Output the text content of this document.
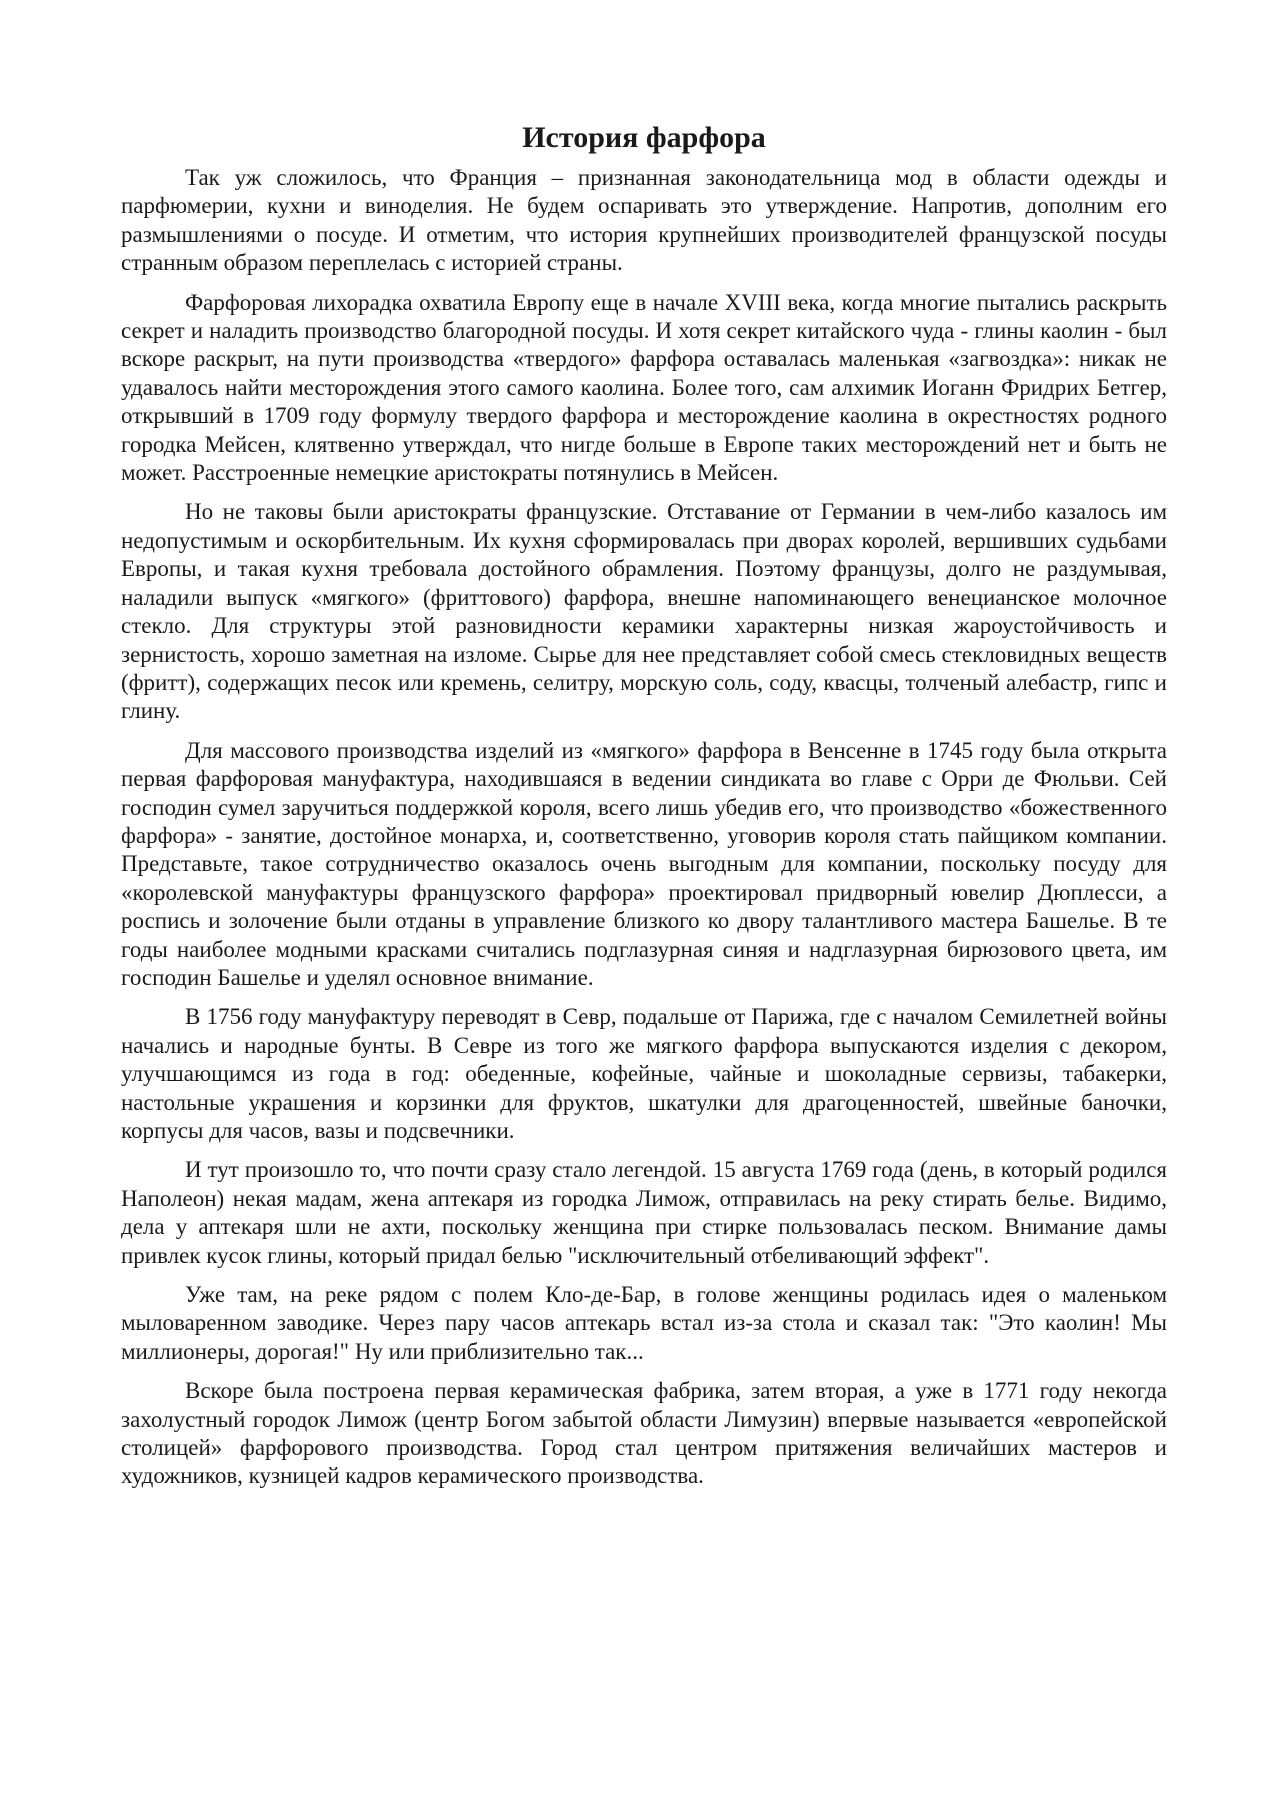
История фарфора

Так уж сложилось, что Франция – признанная законодательница мод в области одежды и парфюмерии, кухни и виноделия. Не будем оспаривать это утверждение. Напротив, дополним его размышлениями о посуде. И отметим, что история крупнейших производителей французской посуды странным образом переплелась с историей страны.

Фарфоровая лихорадка охватила Европу еще в начале XVIII века, когда многие пытались раскрыть секрет и наладить производство благородной посуды. И хотя секрет китайского чуда - глины каолин - был вскоре раскрыт, на пути производства «твердого» фарфора оставалась маленькая «загвоздка»: никак не удавалось найти месторождения этого самого каолина. Более того, сам алхимик Иоганн Фридрих Бетгер, открывший в 1709 году формулу твердого фарфора и месторождение каолина в окрестностях родного городка Мейсен, клятвенно утверждал, что нигде больше в Европе таких месторождений нет и быть не может. Расстроенные немецкие аристократы потянулись в Мейсен.

Но не таковы были аристократы французские. Отставание от Германии в чем-либо казалось им недопустимым и оскорбительным. Их кухня сформировалась при дворах королей, вершивших судьбами Европы, и такая кухня требовала достойного обрамления. Поэтому французы, долго не раздумывая, наладили выпуск «мягкого» (фриттового) фарфора, внешне напоминающего венецианское молочное стекло. Для структуры этой разновидности керамики характерны низкая жароустойчивость и зернистость, хорошо заметная на изломе. Сырье для нее представляет собой смесь стекловидных веществ (фритт), содержащих песок или кремень, селитру, морскую соль, соду, квасцы, толченый алебастр, гипс и глину.

Для массового производства изделий из «мягкого» фарфора в Венсенне в 1745 году была открыта первая фарфоровая мануфактура, находившаяся в ведении синдиката во главе с Орри де Фюльви. Сей господин сумел заручиться поддержкой короля, всего лишь убедив его, что производство «божественного фарфора» - занятие, достойное монарха, и, соответственно, уговорив короля стать пайщиком компании. Представьте, такое сотрудничество оказалось очень выгодным для компании, поскольку посуду для «королевской мануфактуры французского фарфора» проектировал придворный ювелир Дюплесси, а роспись и золочение были отданы в управление близкого ко двору талантливого мастера Башелье. В те годы наиболее модными красками считались подглазурная синяя и надглазурная бирюзового цвета, им господин Башелье и уделял основное внимание.

В 1756 году мануфактуру переводят в Севр, подальше от Парижа, где с началом Семилетней войны начались и народные бунты. В Севре из того же мягкого фарфора выпускаются изделия с декором, улучшающимся из года в год: обеденные, кофейные, чайные и шоколадные сервизы, табакерки, настольные украшения и корзинки для фруктов, шкатулки для драгоценностей, швейные баночки, корпусы для часов, вазы и подсвечники.

И тут произошло то, что почти сразу стало легендой. 15 августа 1769 года (день, в который родился Наполеон) некая мадам, жена аптекаря из городка Лимож, отправилась на реку стирать белье. Видимо, дела у аптекаря шли не ахти, поскольку женщина при стирке пользовалась песком. Внимание дамы привлек кусок глины, который придал белью "исключительный отбеливающий эффект".

Уже там, на реке рядом с полем Кло-де-Бар, в голове женщины родилась идея о маленьком мыловаренном заводике. Через пару часов аптекарь встал из-за стола и сказал так: "Это каолин! Мы миллионеры, дорогая!" Ну или приблизительно так...

Вскоре была построена первая керамическая фабрика, затем вторая, а уже в 1771 году некогда захолустный городок Лимож (центр Богом забытой области Лимузин) впервые называется «европейской столицей» фарфорового производства. Город стал центром притяжения величайших мастеров и художников, кузницей кадров керамического производства.
